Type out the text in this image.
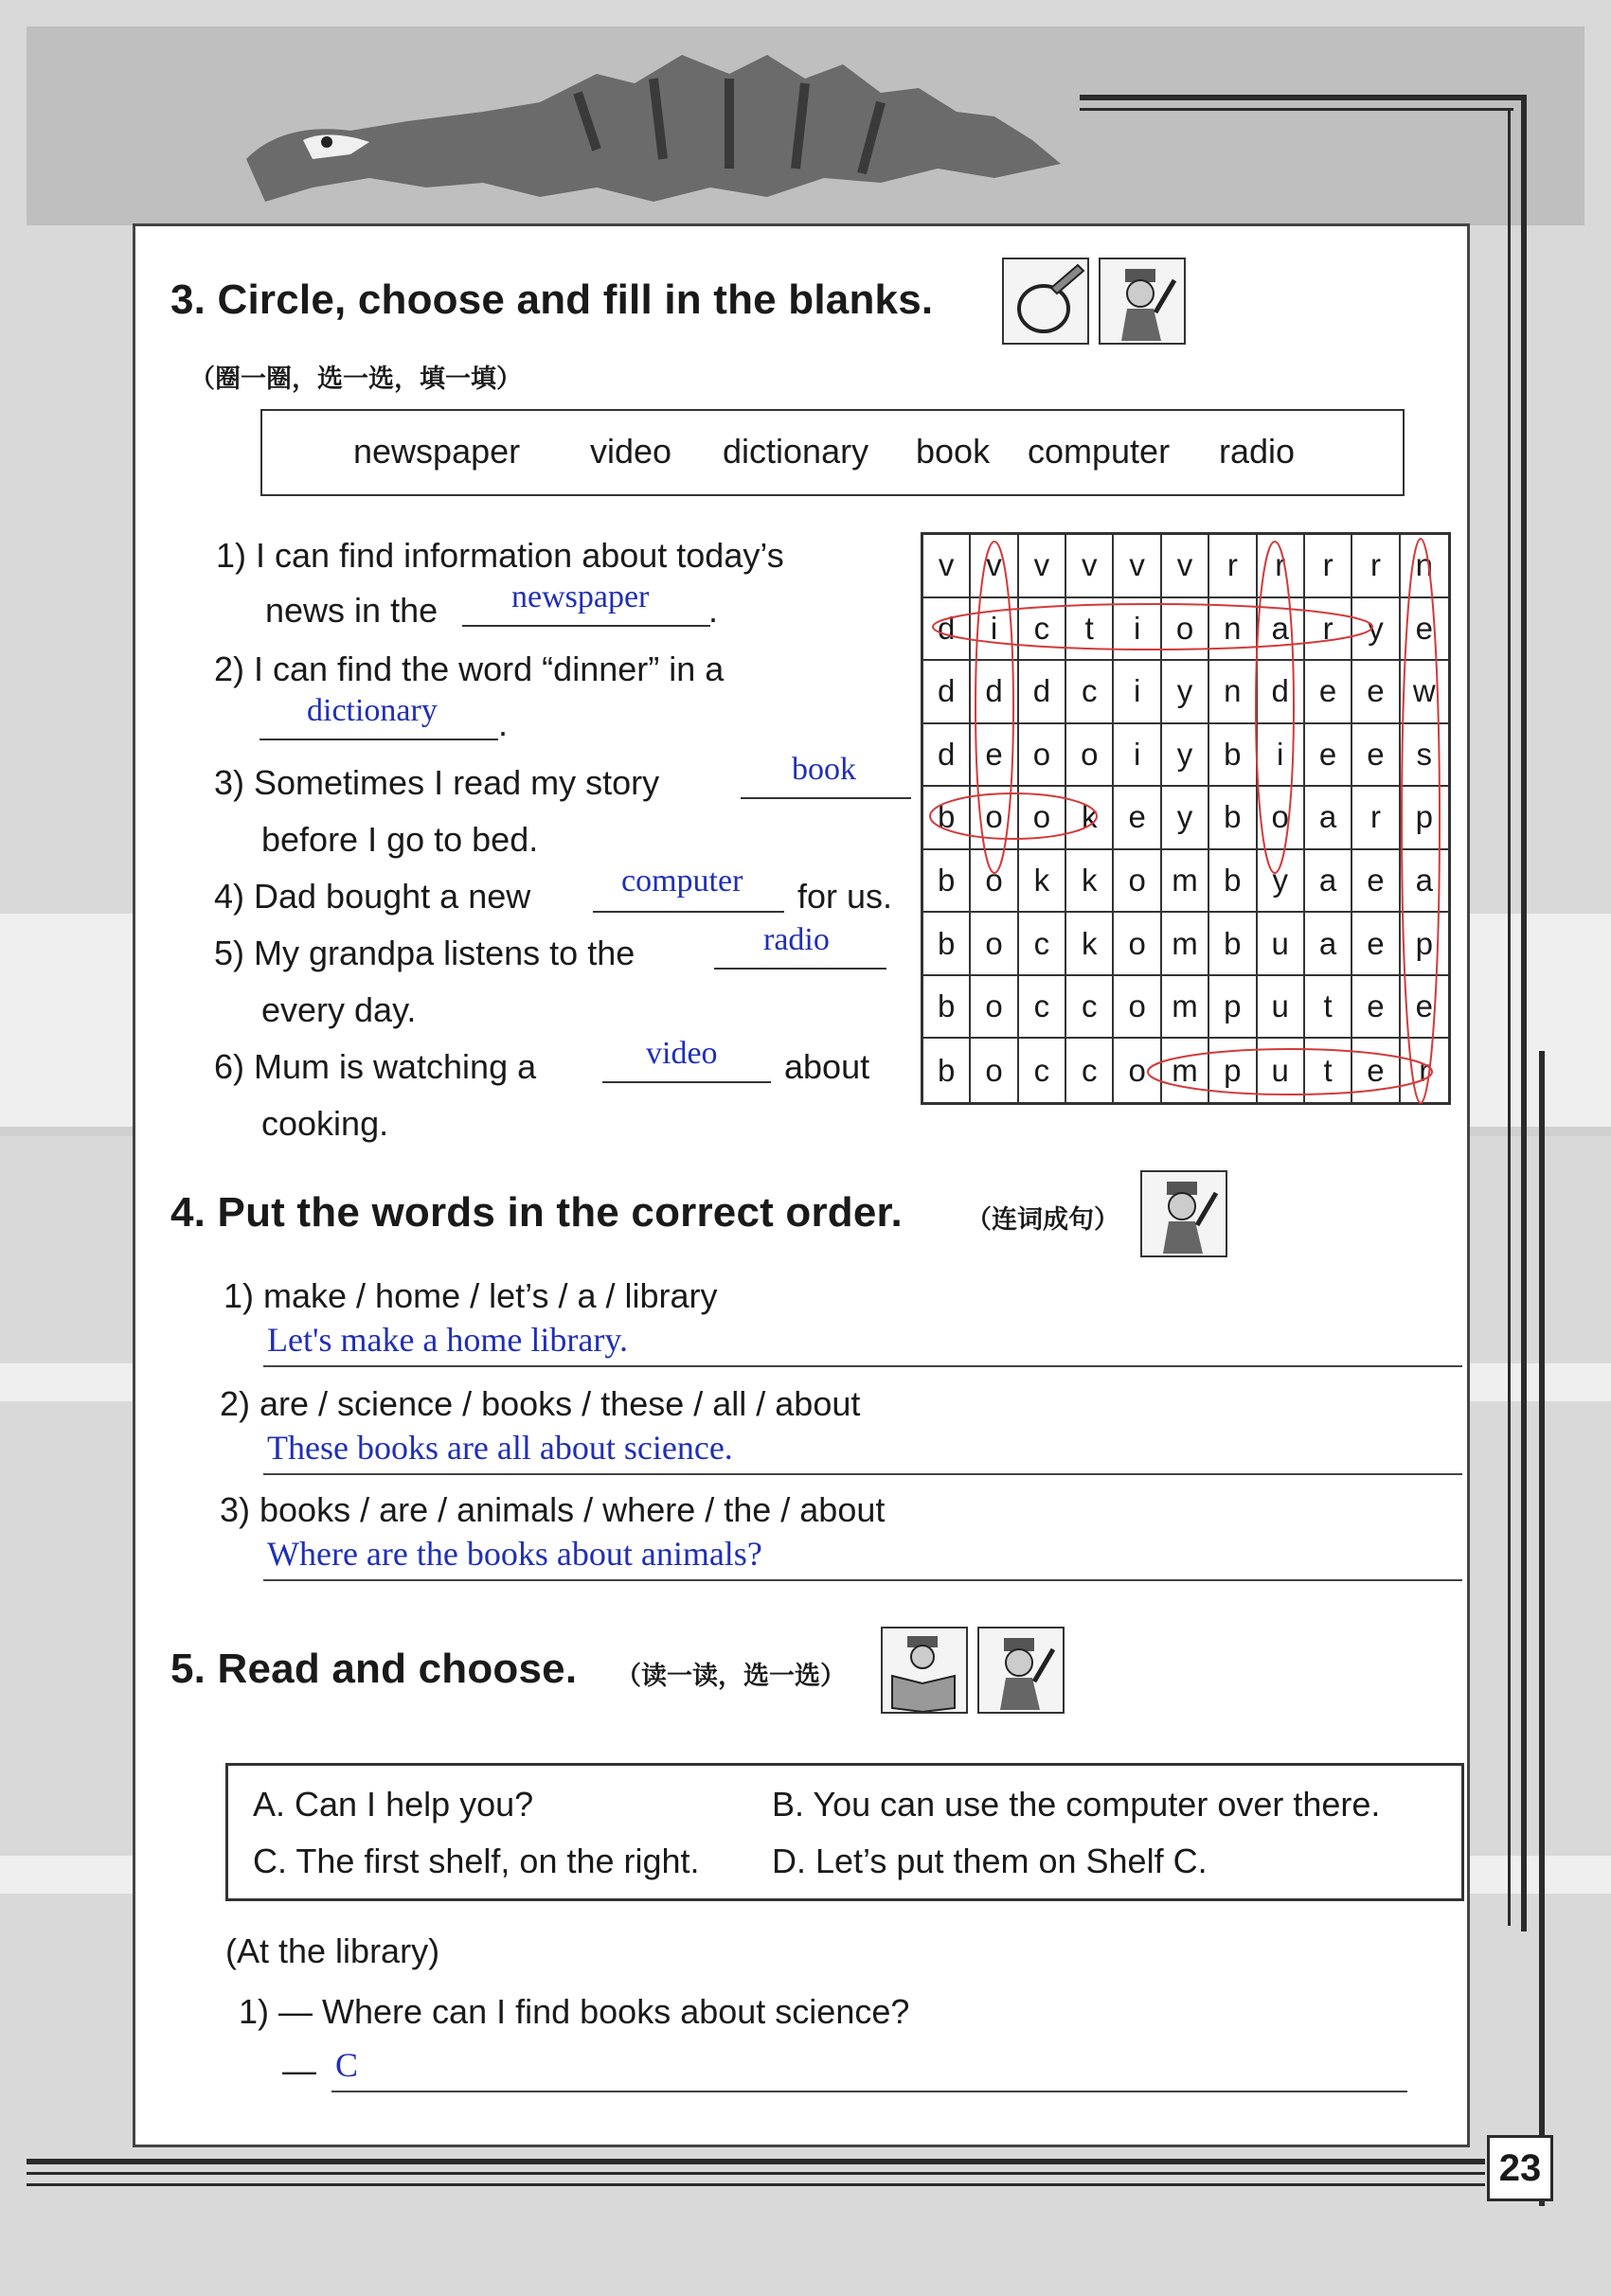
3. Circle, choose and fill in the blanks.
（圈一圈，选一选，填一填）
newspaper video dictionary book computer radio
1) I can find information about today’s
news in the newspaper .
2) I can find the word “dinner” in a
dictionary .
3) Sometimes I read my story	book
before I go to bed.
4) Dad bought a new	computer for us.
5) My grandpa listens to the	radio
every day.
6) Mum is watching a	video about
cooking.
v	v	v	v	v	v	r	r	r	r	n
d	i	c	t	i	o n a	r	y	e
d d d c	i	y n d e e w
d e o o	i	y b	i	e e	s
b o o k e y b o a	r	p
b o k	k o m b y a e	a
b o c	k o m b u a e	p
b o c	c o m p u	t	e	e
b o c	c o m p u	t	e	r
4. Put the words in the correct order. （连词成句）
1) make / home / let’s / a / library
Let's make a home library.
2) are / science / books / these / all / about
These books are all about science.
3) books / are / animals / where / the / about
Where are the books about animals?
5. Read and choose. （读一读，选一选）
A. Can I help you?	B. You can use the computer over there.
C. The first shelf, on the right. D. Let’s put them on Shelf C.
(At the library)
1) — Where can I find books about science?
— C
23
